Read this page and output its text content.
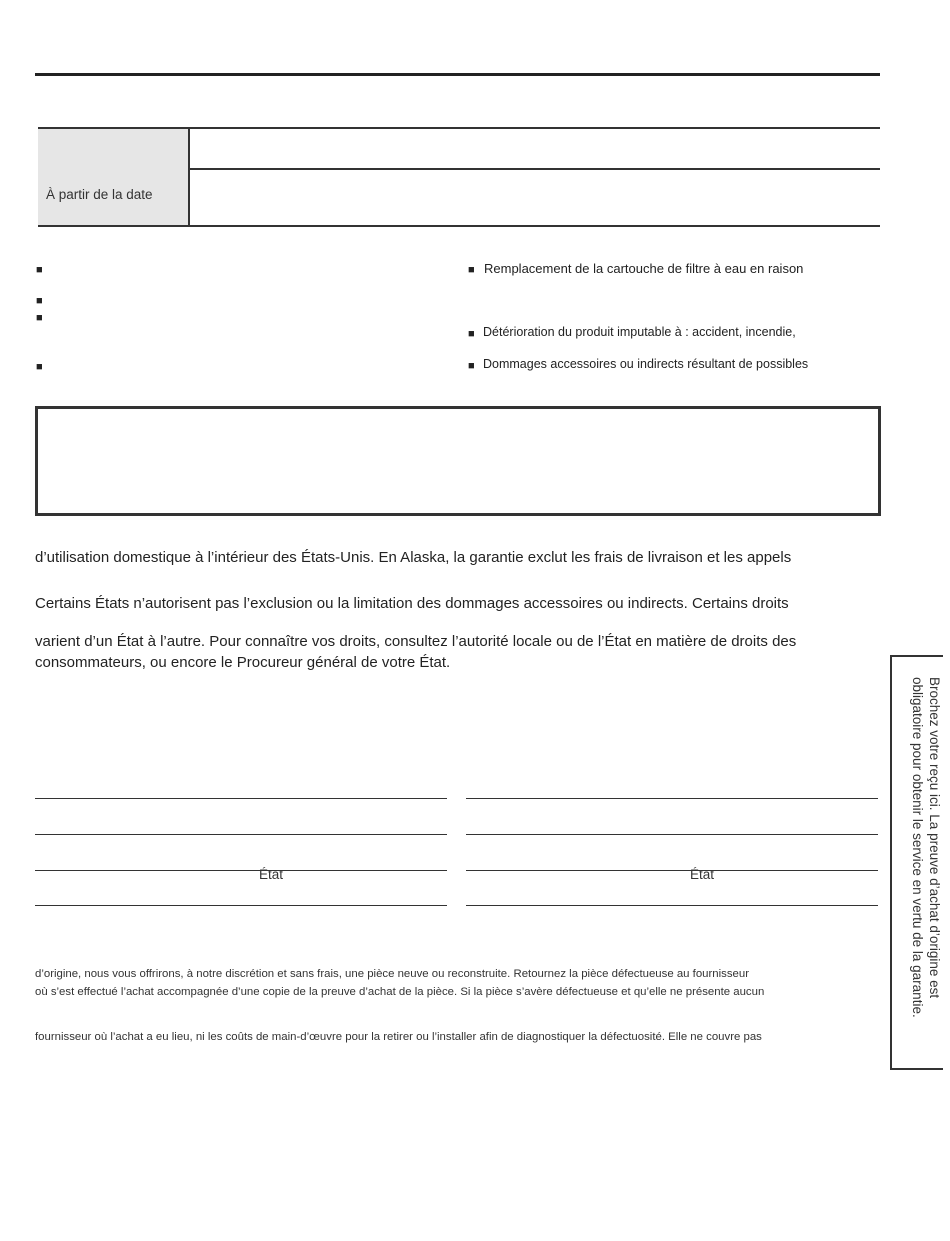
À partir de la date
■
■
■
■
■ Remplacement de la cartouche de filtre à eau en raison
■ Détérioration du produit imputable à : accident, incendie,
■ Dommages accessoires ou indirects résultant de possibles
d’utilisation domestique à l’intérieur des États-Unis. En Alaska, la garantie exclut les frais de livraison et les appels
Certains États n’autorisent pas l’exclusion ou la limitation des dommages accessoires ou indirects. Certains droits
varient d’un État à l’autre. Pour connaître vos droits, consultez l’autorité locale ou de l’État en matière de droits des
consommateurs, ou encore le Procureur général de votre État.
État	État
d’origine, nous vous offrirons, à notre discrétion et sans frais, une pièce neuve ou reconstruite. Retournez la pièce défectueuse au fournisseur
où s’est effectué l’achat accompagnée d’une copie de la preuve d’achat de la pièce. Si la pièce s’avère défectueuse et qu’elle ne présente aucun
fournisseur où l’achat a eu lieu, ni les coûts de main-d’œuvre pour la retirer ou l’installer afin de diagnostiquer la défectuosité. Elle ne couvre pas
Brochez votre reçu ici. La preuve d’achat d’origine est
obligatoire pour obtenir le service en vertu de la garantie.
